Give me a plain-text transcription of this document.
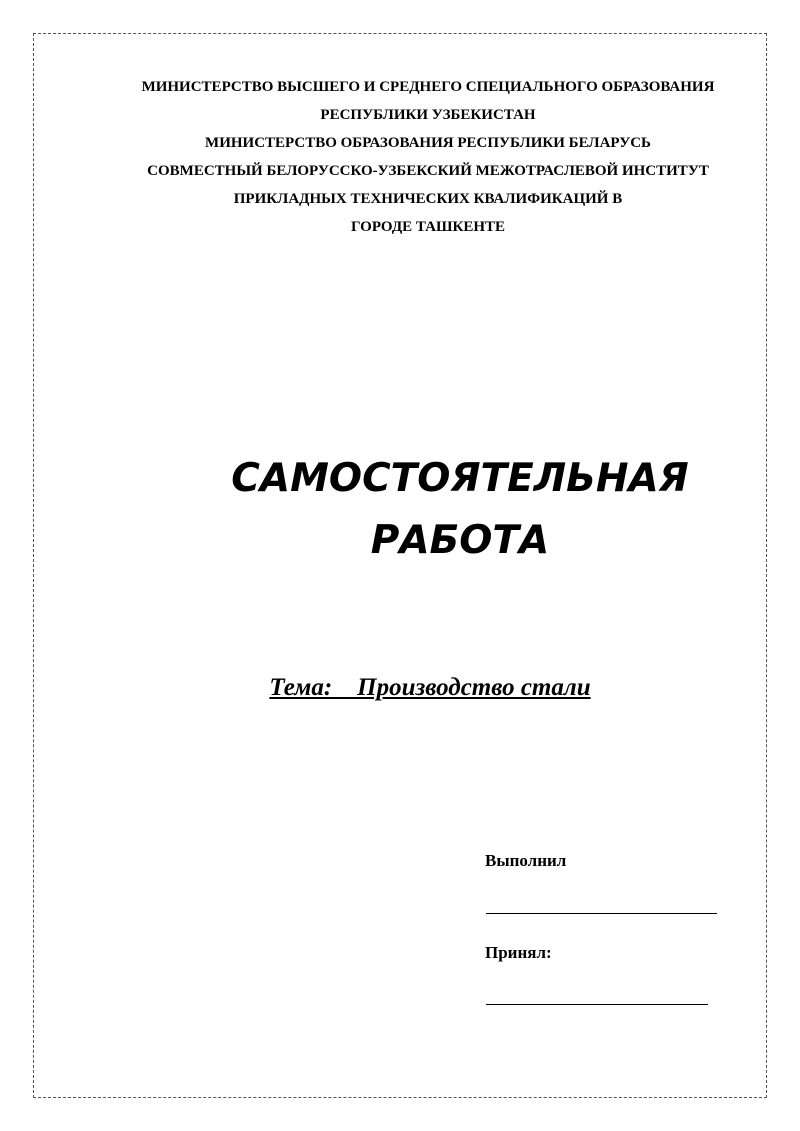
МИНИСТЕРСТВО ВЫСШЕГО И СРЕДНЕГО СПЕЦИАЛЬНОГО ОБРАЗОВАНИЯ
РЕСПУБЛИКИ УЗБЕКИСТАН
МИНИСТЕРСТВО ОБРАЗОВАНИЯ РЕСПУБЛИКИ БЕЛАРУСЬ
СОВМЕСТНЫЙ БЕЛОРУССКО-УЗБЕКСКИЙ МЕЖОТРАСЛЕВОЙ ИНСТИТУТ
ПРИКЛАДНЫХ ТЕХНИЧЕСКИХ КВАЛИФИКАЦИЙ В
ГОРОДЕ ТАШКЕНТЕ
САМОСТОЯТЕЛЬНАЯ
РАБОТА
Тема:    Производство стали
Выполнил
Принял:
